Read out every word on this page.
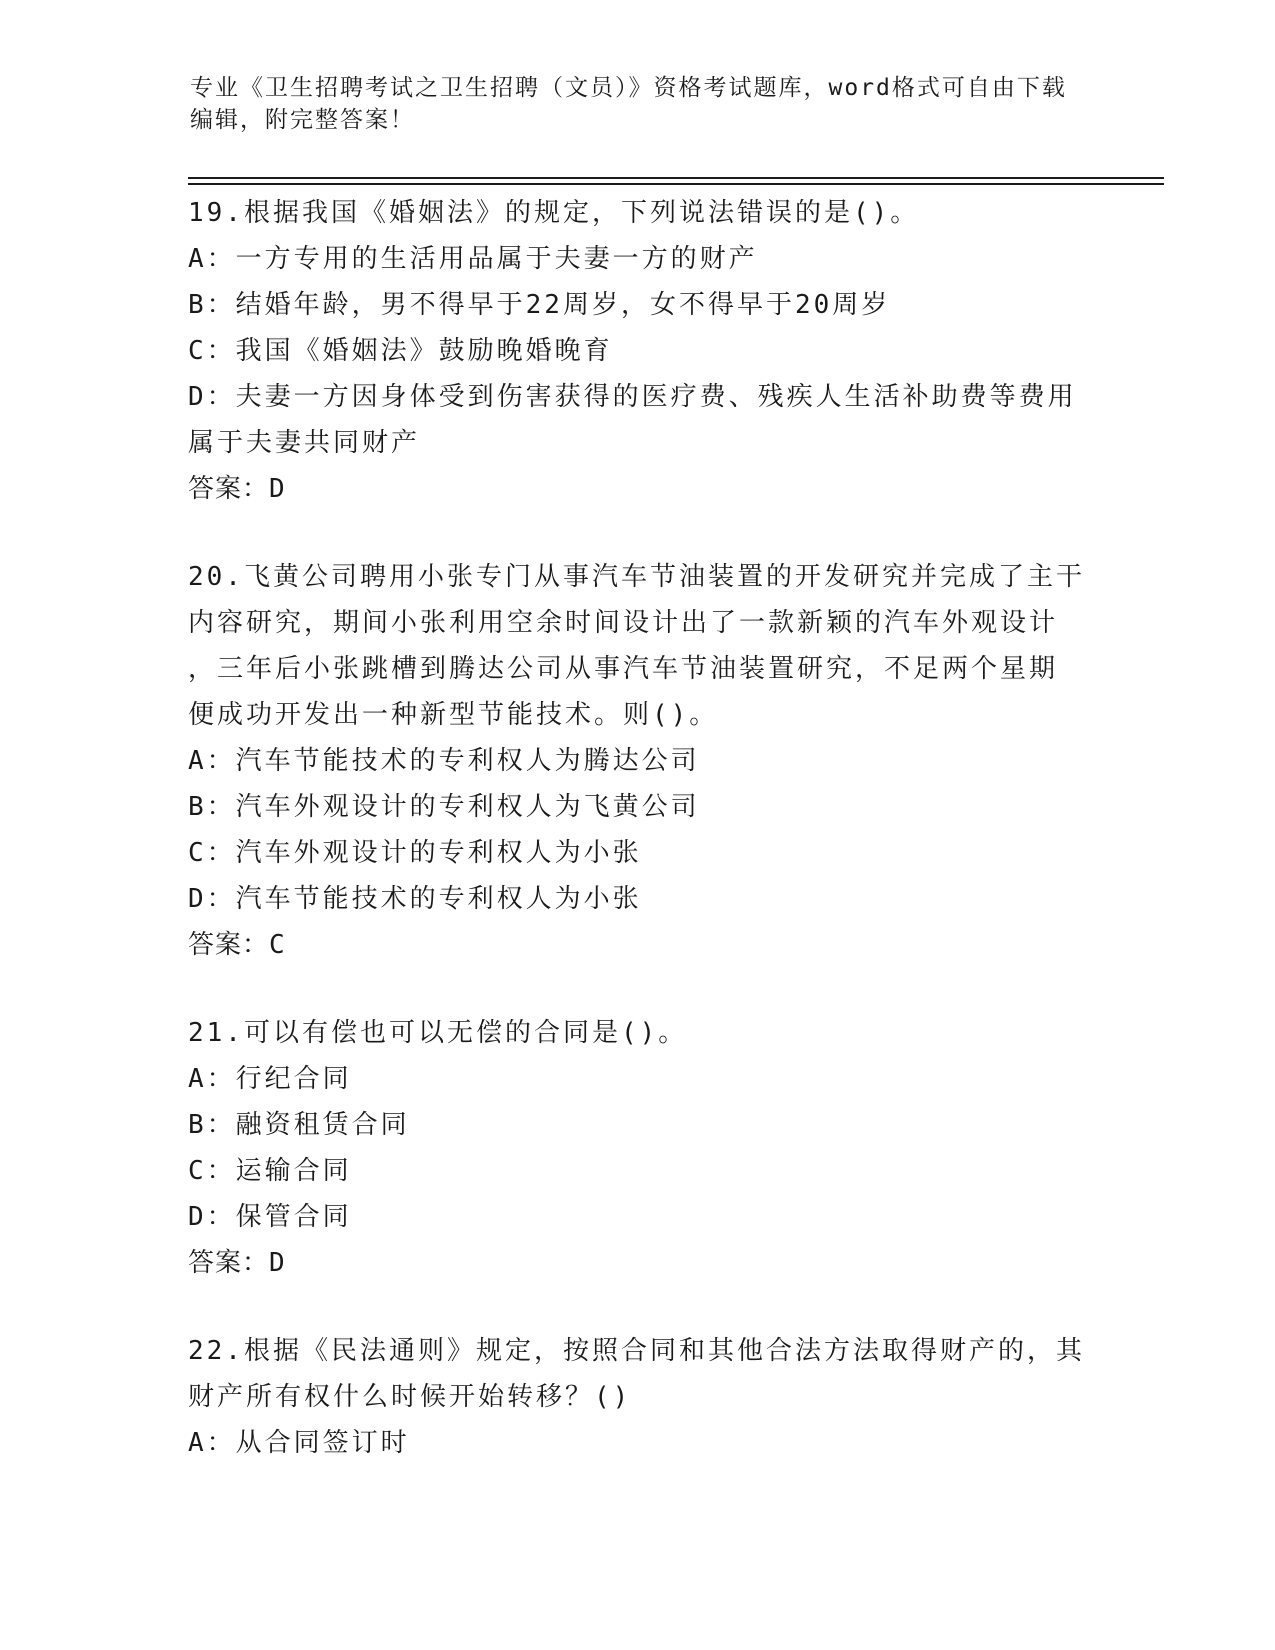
专业《卫生招聘考试之卫生招聘（文员）》资格考试题库，word格式可自由下载
编辑，附完整答案！
19.根据我国《婚姻法》的规定，下列说法错误的是()。
A：一方专用的生活用品属于夫妻一方的财产
B：结婚年龄，男不得早于22周岁，女不得早于20周岁
C：我国《婚姻法》鼓励晚婚晚育
D：夫妻一方因身体受到伤害获得的医疗费、残疾人生活补助费等费用
属于夫妻共同财产
答案：D
20.飞黄公司聘用小张专门从事汽车节油装置的开发研究并完成了主干
内容研究，期间小张利用空余时间设计出了一款新颖的汽车外观设计
，三年后小张跳槽到腾达公司从事汽车节油装置研究，不足两个星期
便成功开发出一种新型节能技术。则()。
A：汽车节能技术的专利权人为腾达公司
B：汽车外观设计的专利权人为飞黄公司
C：汽车外观设计的专利权人为小张
D：汽车节能技术的专利权人为小张
答案：C
21.可以有偿也可以无偿的合同是()。
A：行纪合同
B：融资租赁合同
C：运输合同
D：保管合同
答案：D
22.根据《民法通则》规定，按照合同和其他合法方法取得财产的，其
财产所有权什么时候开始转移？()
A：从合同签订时
